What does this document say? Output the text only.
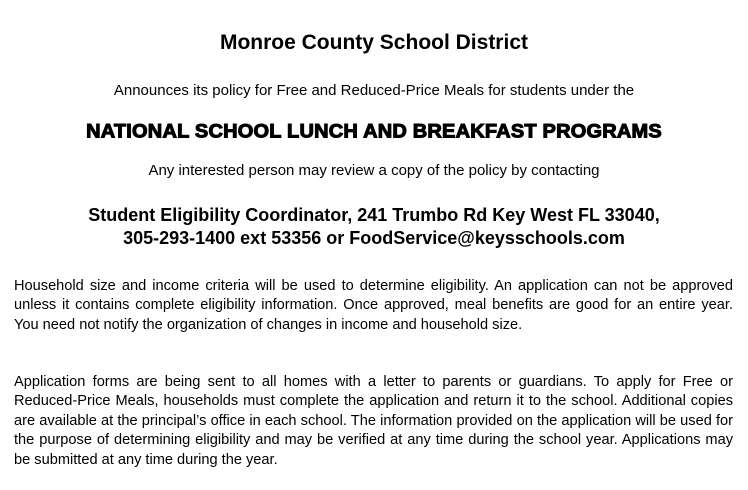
Monroe County School District
Announces its policy for Free and Reduced-Price Meals for students under the
NATIONAL SCHOOL LUNCH AND BREAKFAST PROGRAMS
Any interested person may review a copy of the policy by contacting
Student Eligibility Coordinator, 241 Trumbo Rd Key West FL 33040,
305-293-1400 ext 53356 or FoodService@keysschools.com

Household size and income criteria will be used to determine eligibility. An application can not be approved unless it contains complete eligibility information. Once approved, meal benefits are good for an entire year. You need not notify the organization of changes in income and household size.

Application forms are being sent to all homes with a letter to parents or guardians. To apply for Free or Reduced-Price Meals, households must complete the application and return it to the school. Additional copies are available at the principal’s office in each school. The information provided on the application will be used for the purpose of determining eligibility and may be verified at any time during the school year. Applications may be submitted at any time during the year.
